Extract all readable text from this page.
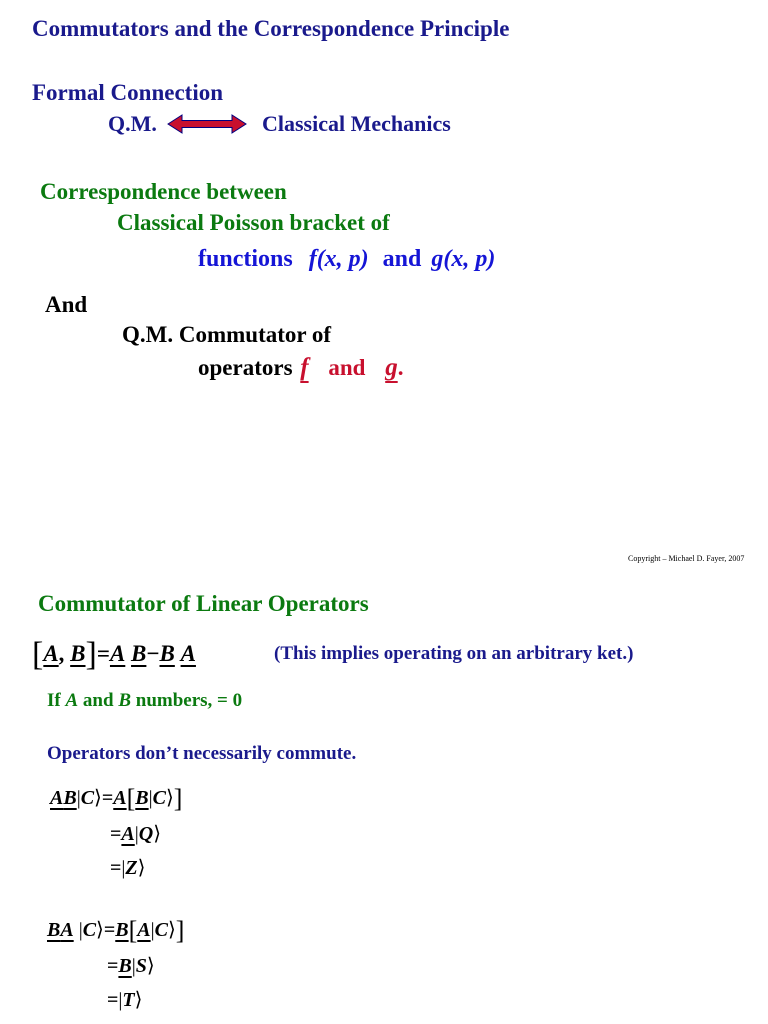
Commutators and the Correspondence Principle
Formal Connection
Q.M.	Classical Mechanics
Correspondence between
Classical Poisson bracket of
functions f(x, p) and g(x, p)
And
Q.M. Commutator of
operators f and g.
Copyright – Michael D. Fayer, 2007
Commutator of Linear Operators
[A, B]=A B−B A	(This implies operating on an arbitrary ket.)
If A and B numbers, = 0
Operators don’t necessarily commute.
AB|C⟩=A[B|C⟩]
=A|Q⟩
=|Z⟩
BA |C⟩=B[A|C⟩]
=B|S⟩
=|T⟩
